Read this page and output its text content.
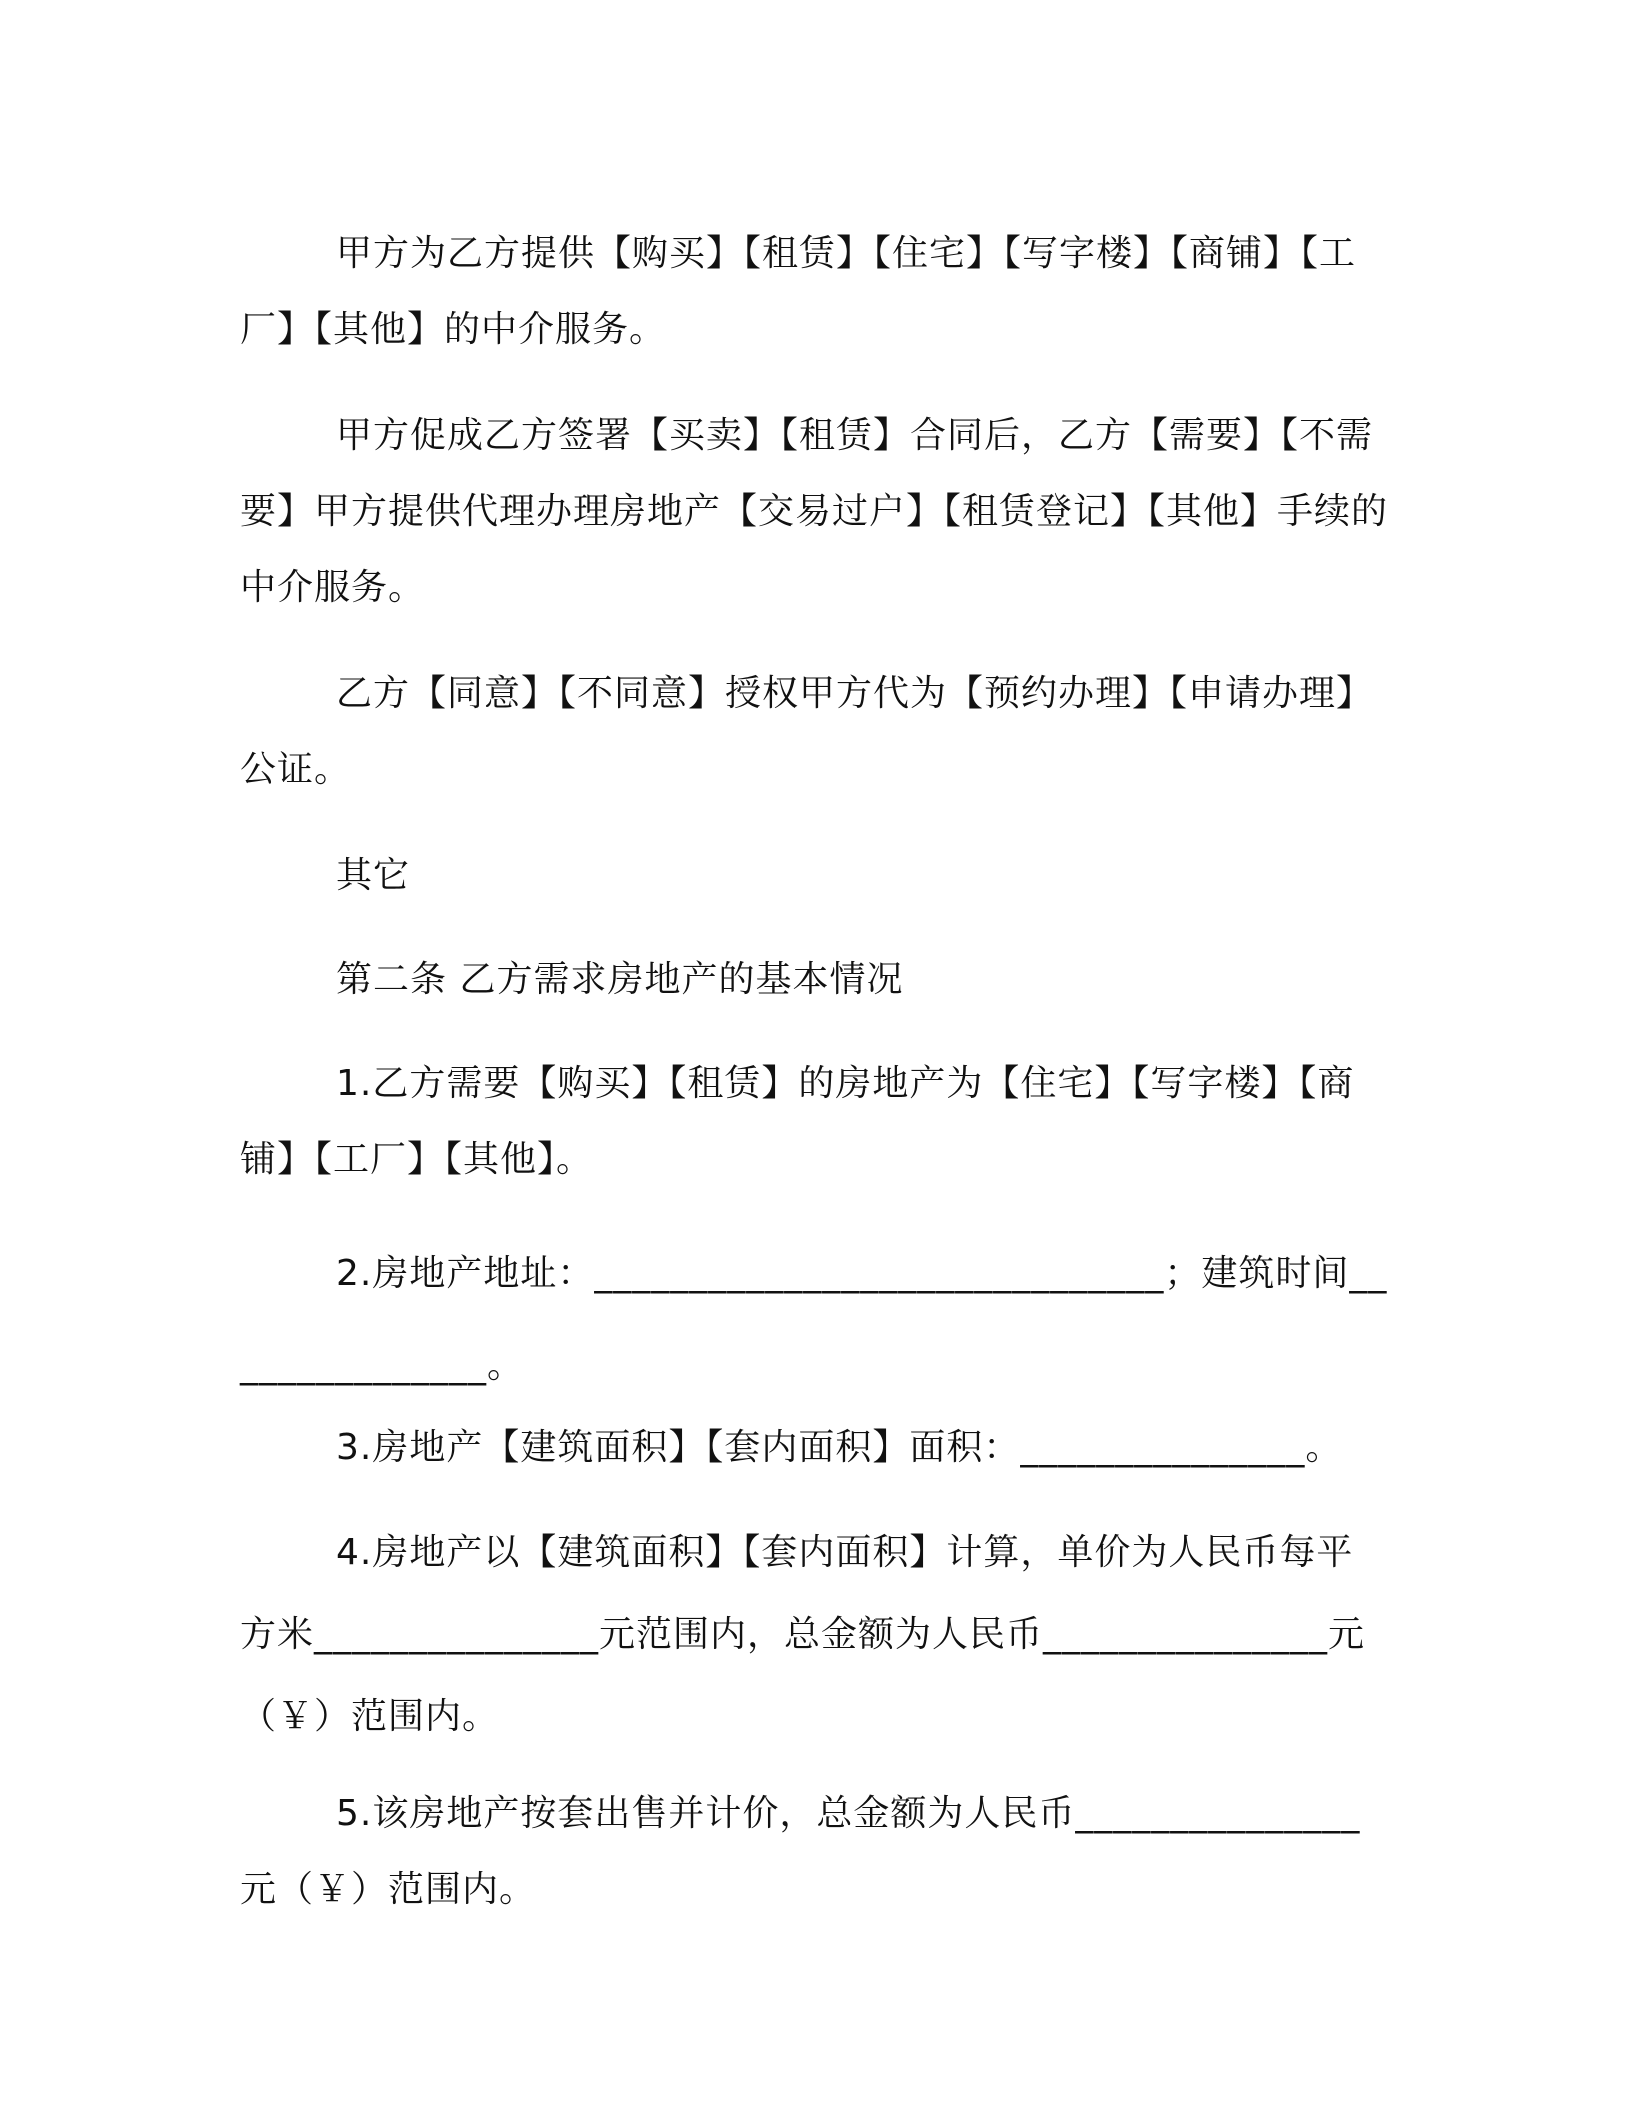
甲方为乙方提供【购买】【租赁】【住宅】【写字楼】【商铺】【工厂】【其他】的中介服务。

甲方促成乙方签署【买卖】【租赁】合同后，乙方【需要】【不需要】甲方提供代理办理房地产【交易过户】【租赁登记】【其他】手续的中介服务。

乙方【同意】【不同意】授权甲方代为【预约办理】【申请办理】公证。

其它

第二条 乙方需求房地产的基本情况

1.乙方需要【购买】【租赁】的房地产为【住宅】【写字楼】【商铺】【工厂】【其他】。

2.房地产地址：______________________________；建筑时间_______________。

3.房地产【建筑面积】【套内面积】面积：_______________。

4.房地产以【建筑面积】【套内面积】计算，单价为人民币每平方米_______________元范围内，总金额为人民币_______________元（￥）范围内。

5.该房地产按套出售并计价，总金额为人民币_______________元（￥）范围内。
